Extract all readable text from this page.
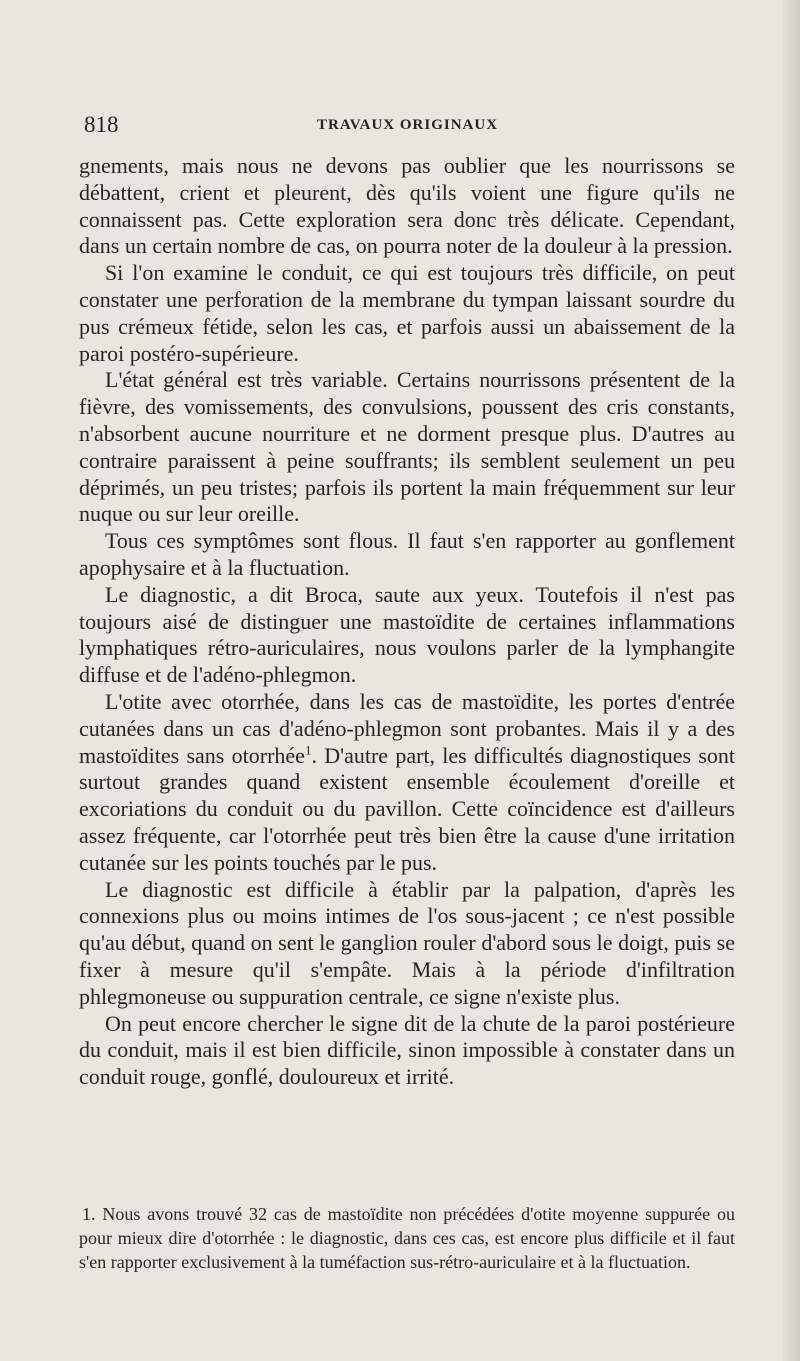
818	TRAVAUX ORIGINAUX

gnements, mais nous ne devons pas oublier que les nourrissons se débattent, crient et pleurent, dès qu'ils voient une figure qu'ils ne connaissent pas. Cette exploration sera donc très délicate. Cependant, dans un certain nombre de cas, on pourra noter de la douleur à la pression.

Si l'on examine le conduit, ce qui est toujours très difficile, on peut constater une perforation de la membrane du tympan laissant sourdre du pus crémeux fétide, selon les cas, et parfois aussi un abaissement de la paroi postéro-supérieure.

L'état général est très variable. Certains nourrissons présentent de la fièvre, des vomissements, des convulsions, poussent des cris constants, n'absorbent aucune nourriture et ne dorment presque plus. D'autres au contraire paraissent à peine souffrants; ils semblent seulement un peu déprimés, un peu tristes; parfois ils portent la main fréquemment sur leur nuque ou sur leur oreille.

Tous ces symptômes sont flous. Il faut s'en rapporter au gonflement apophysaire et à la fluctuation.

Le diagnostic, a dit Broca, saute aux yeux. Toutefois il n'est pas toujours aisé de distinguer une mastoïdite de certaines inflammations lymphatiques rétro-auriculaires, nous voulons parler de la lymphangite diffuse et de l'adéno-phlegmon.

L'otite avec otorrhée, dans les cas de mastoïdite, les portes d'entrée cutanées dans un cas d'adéno-phlegmon sont probantes. Mais il y a des mastoïdites sans otorrhée$^1$. D'autre part, les difficultés diagnostiques sont surtout grandes quand existent ensemble écoulement d'oreille et excoriations du conduit ou du pavillon. Cette coïncidence est d'ailleurs assez fréquente, car l'otorrhée peut très bien être la cause d'une irritation cutanée sur les points touchés par le pus.

Le diagnostic est difficile à établir par la palpation, d'après les connexions plus ou moins intimes de l'os sous-jacent ; ce n'est possible qu'au début, quand on sent le ganglion rouler d'abord sous le doigt, puis se fixer à mesure qu'il s'empâte. Mais à la période d'infiltration phlegmoneuse ou suppuration centrale, ce signe n'existe plus.

On peut encore chercher le signe dit de la chute de la paroi postérieure du conduit, mais il est bien difficile, sinon impossible à constater dans un conduit rouge, gonflé, douloureux et irrité.

1. Nous avons trouvé 32 cas de mastoïdite non précédées d'otite moyenne suppurée ou pour mieux dire d'otorrhée : le diagnostic, dans ces cas, est encore plus difficile et il faut s'en rapporter exclusivement à la tuméfaction sus-rétro-auriculaire et à la fluctuation.
